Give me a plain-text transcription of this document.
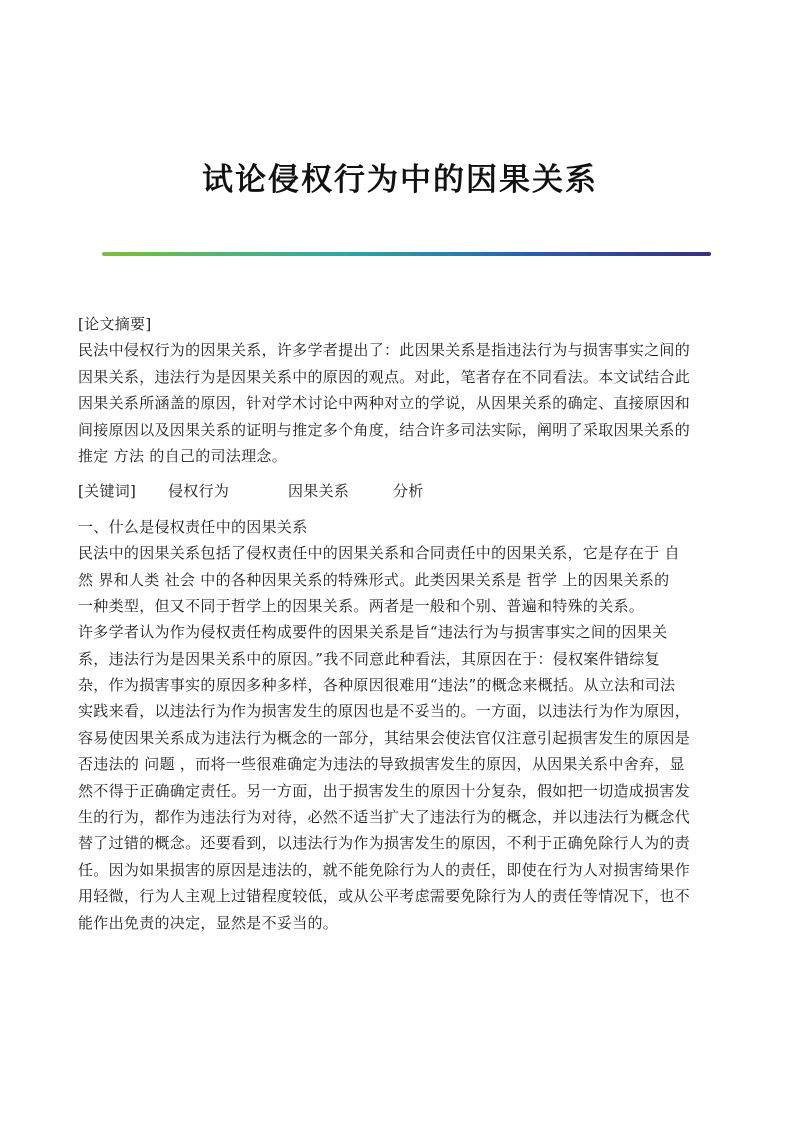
试论侵权行为中的因果关系
[论文摘要]
民法中侵权行为的因果关系，许多学者提出了：此因果关系是指违法行为与损害事实之间的
因果关系，违法行为是因果关系中的原因的观点。对此，笔者存在不同看法。本文试结合此
因果关系所涵盖的原因，针对学术讨论中两种对立的学说，从因果关系的确定、直接原因和
间接原因以及因果关系的证明与推定多个角度，结合许多司法实际，阐明了采取因果关系的
推定 方法 的自己的司法理念。
[关键词] 侵权行为	因果关系	分析
一、什么是侵权责任中的因果关系
民法中的因果关系包括了侵权责任中的因果关系和合同责任中的因果关系，它是存在于 自
然 界和人类 社会 中的各种因果关系的特殊形式。此类因果关系是 哲学 上的因果关系的
一种类型，但又不同于哲学上的因果关系。两者是一般和个别、普遍和特殊的关系。
许多学者认为作为侵权责任构成要件的因果关系是旨“违法行为与损害事实之间的因果关
系，违法行为是因果关系中的原因。”我不同意此种看法，其原因在于：侵权案件错综复
杂，作为损害事实的原因多种多样，各种原因很难用“违法”的概念来概括。从立法和司法
实践来看，以违法行为作为损害发生的原因也是不妥当的。一方面，以违法行为作为原因，
容易使因果关系成为违法行为概念的一部分，其结果会使法官仅注意引起损害发生的原因是
否违法的 问题 ，而将一些很难确定为违法的导致损害发生的原因，从因果关系中舍弃，显
然不得于正确确定责任。另一方面，出于损害发生的原因十分复杂，假如把一切造成损害发
生的行为，都作为违法行为对待，必然不适当扩大了违法行为的概念，并以违法行为概念代
替了过错的概念。还要看到，以违法行为作为损害发生的原因，不利于正确免除行人为的责
任。因为如果损害的原因是违法的，就不能免除行为人的责任，即使在行为人对损害绮果作
用轻微，行为人主观上过错程度较低，或从公平考虑需要免除行为人的责任等情况下，也不
能作出免责的决定，显然是不妥当的。
